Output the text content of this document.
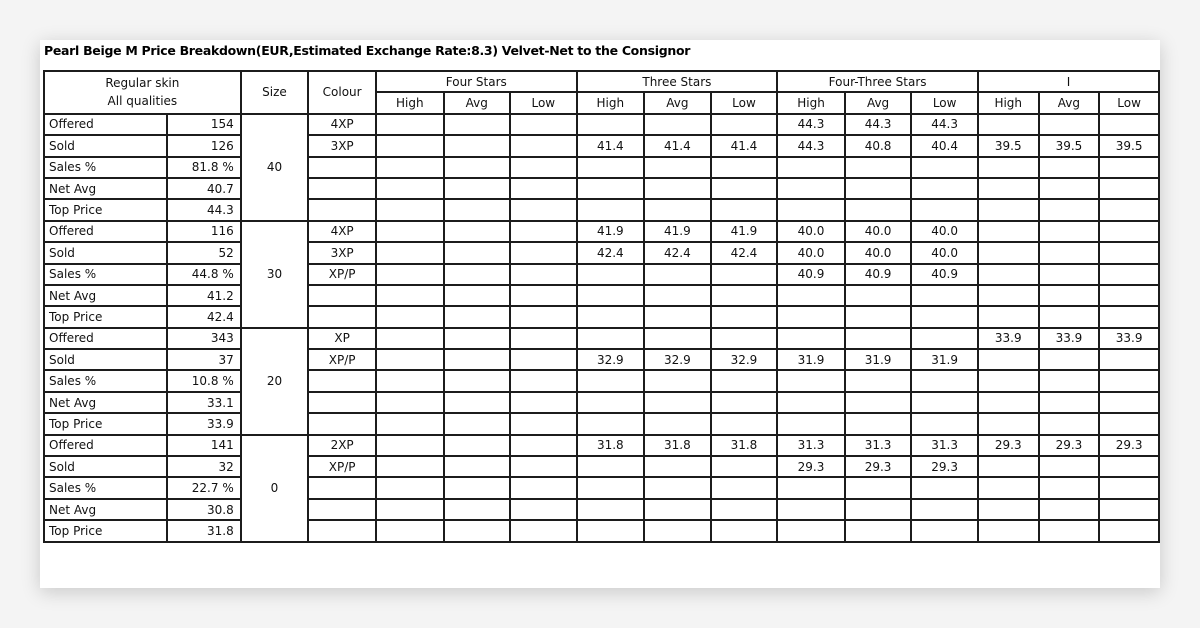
Pearl Beige M Price Breakdown(EUR,Estimated Exchange Rate:8.3) Velvet-Net to the Consignor
Regular skin
All qualities		Size	Colour	Four Stars			Three Stars			Four-Three Stars			I		
				High	Avg	Low	High	Avg	Low	High	Avg	Low	High	Avg	Low
Offered	154	40	4XP							44.3	44.3	44.3			
Sold	126		3XP				41.4	41.4	41.4	44.3	40.8	40.4	39.5	39.5	39.5
Sales %	81.8 %														
Net Avg	40.7														
Top Price	44.3														
Offered	116	30	4XP				41.9	41.9	41.9	40.0	40.0	40.0			
Sold	52		3XP				42.4	42.4	42.4	40.0	40.0	40.0			
Sales %	44.8 %		XP/P							40.9	40.9	40.9			
Net Avg	41.2														
Top Price	42.4														
Offered	343	20	XP										33.9	33.9	33.9
Sold	37		XP/P				32.9	32.9	32.9	31.9	31.9	31.9			
Sales %	10.8 %														
Net Avg	33.1														
Top Price	33.9														
Offered	141	0	2XP				31.8	31.8	31.8	31.3	31.3	31.3	29.3	29.3	29.3
Sold	32		XP/P							29.3	29.3	29.3			
Sales %	22.7 %														
Net Avg	30.8														
Top Price	31.8														
